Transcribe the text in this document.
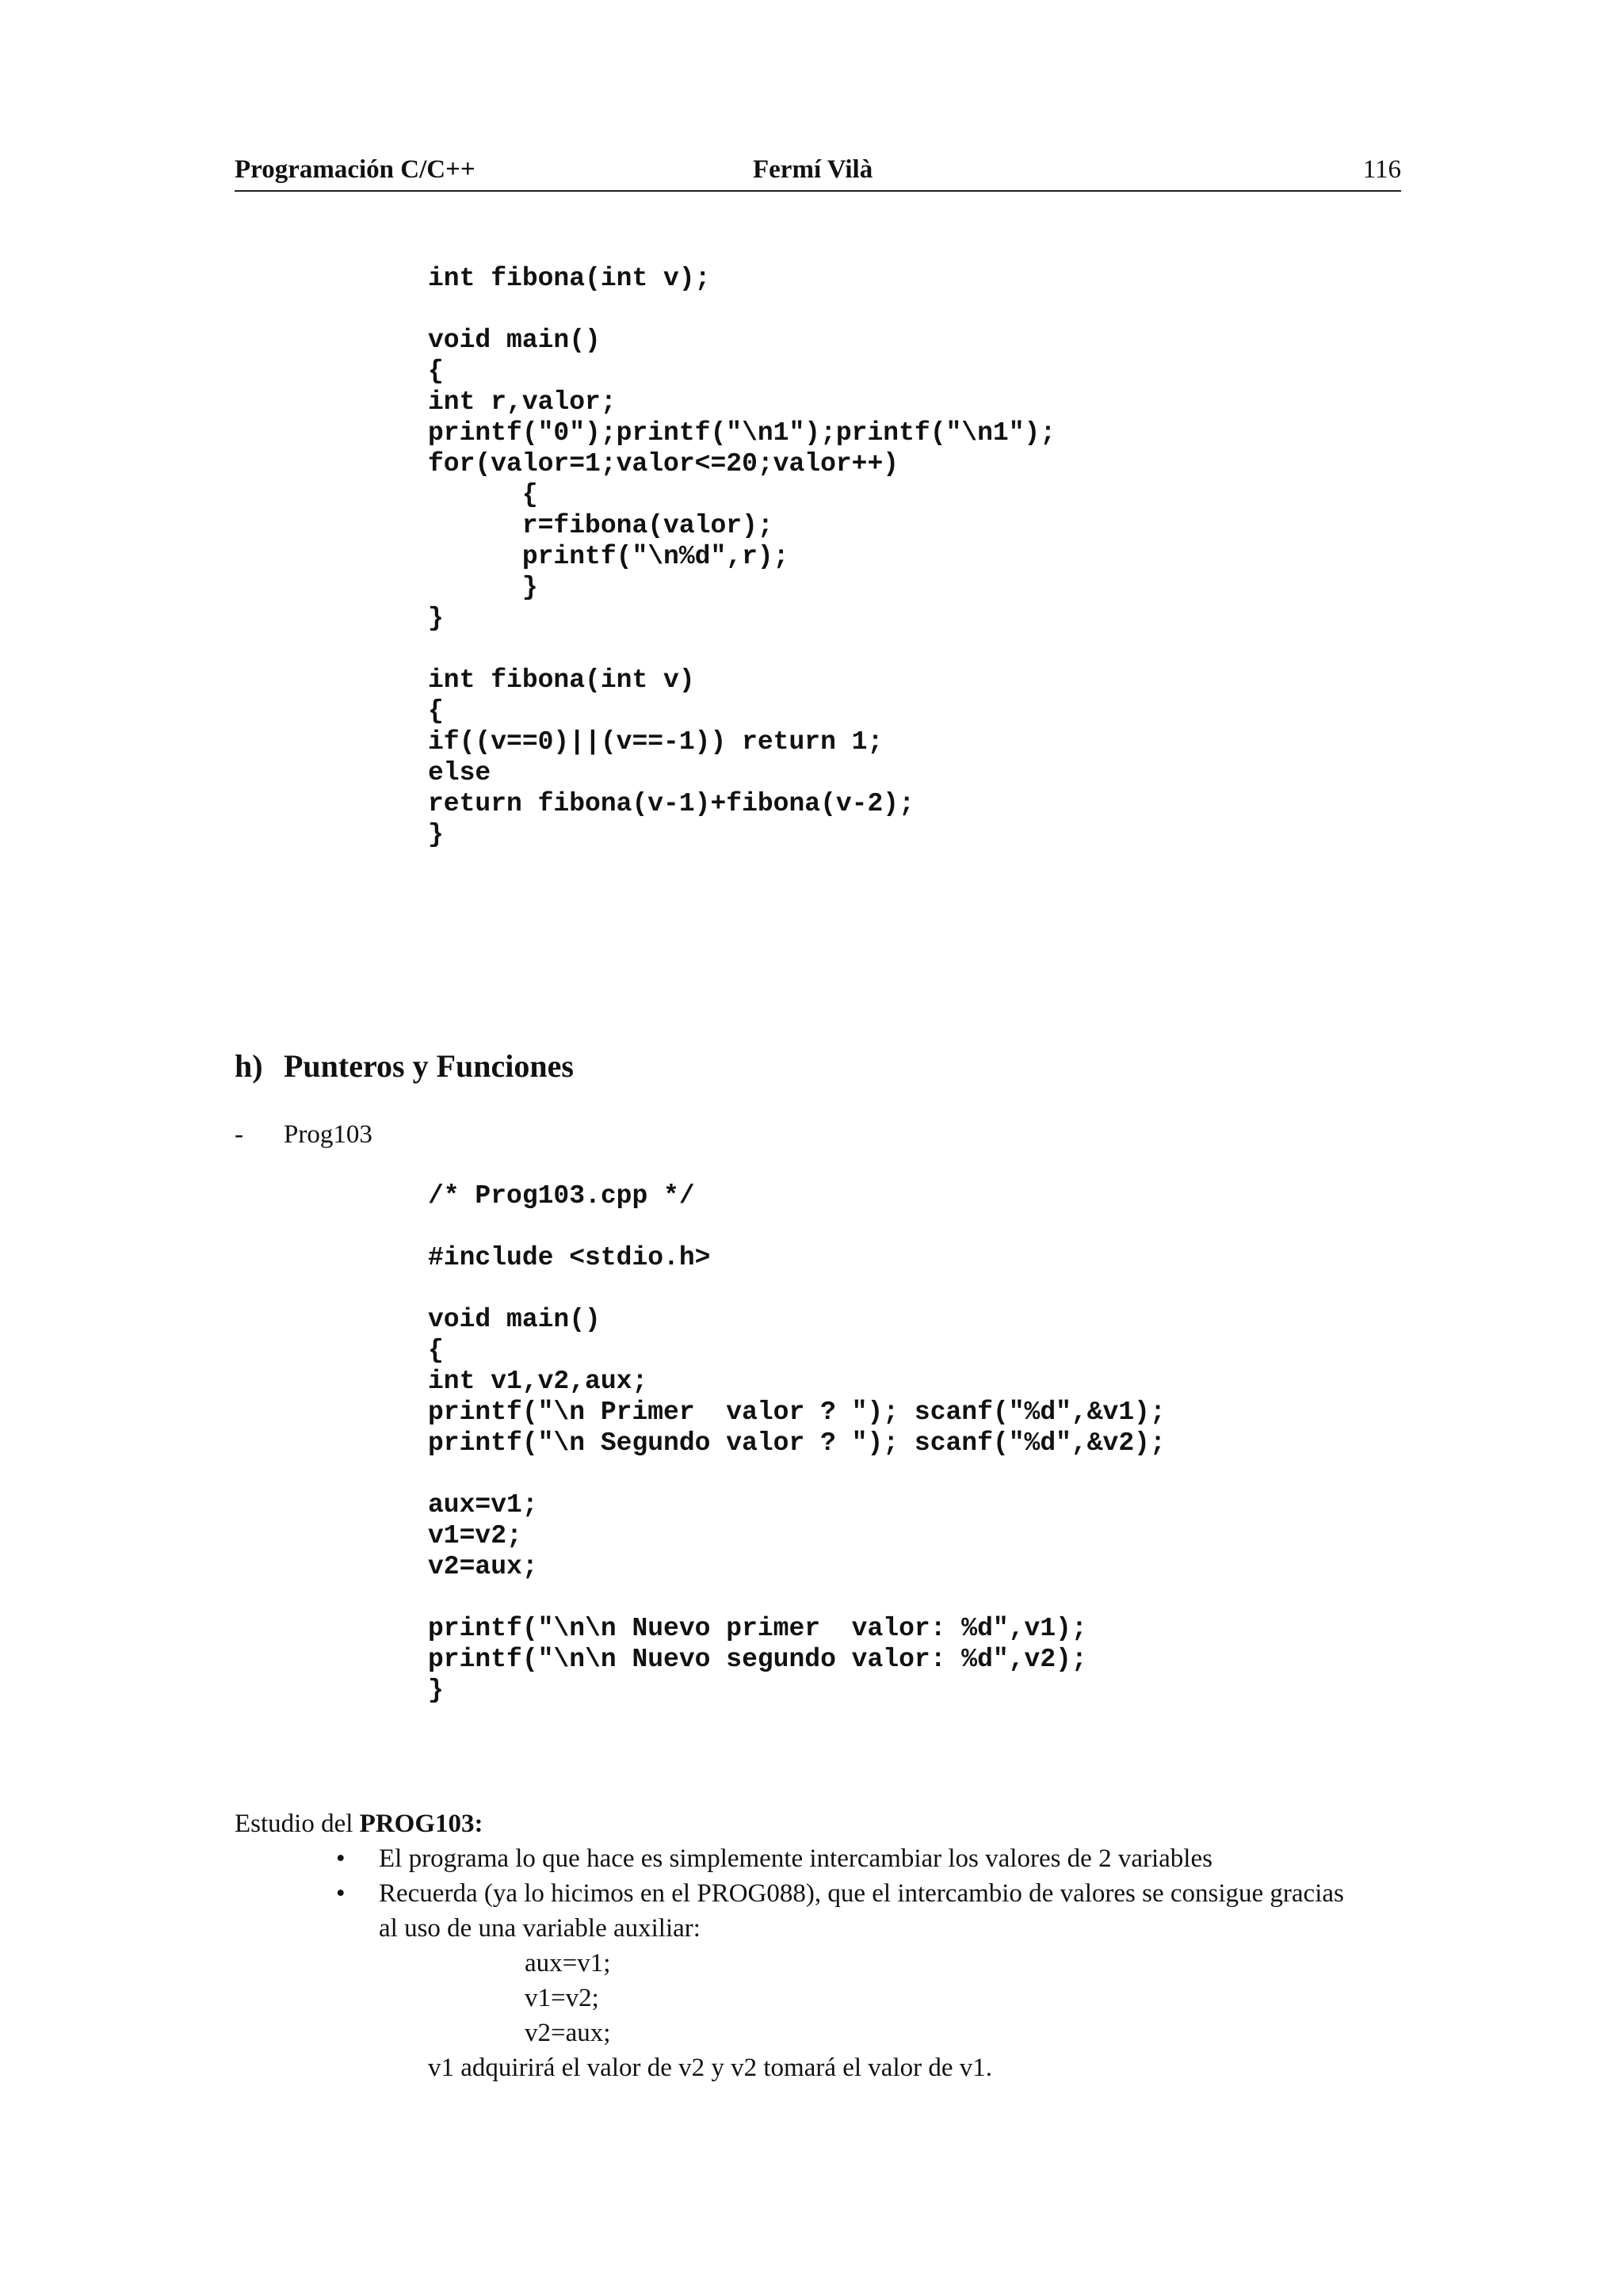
Programación C/C++	Fermí Vilà	116
int fibona(int v);
void main()
{
int r,valor;
printf("0");printf("\n1");printf("\n1");
for(valor=1;valor<=20;valor++)
{
r=fibona(valor);
printf("\n%d",r);
}
}
int fibona(int v)
{
if((v==0)||(v==-1)) return 1;
else
return fibona(v-1)+fibona(v-2);
}
h) Punteros y Funciones
- Prog103
/* Prog103.cpp */
#include <stdio.h>
void main()
{
int v1,v2,aux;
printf("\n Primer  valor ? "); scanf("%d",&v1);
printf("\n Segundo valor ? "); scanf("%d",&v2);
aux=v1;
v1=v2;
v2=aux;
printf("\n\n Nuevo primer  valor: %d",v1);
printf("\n\n Nuevo segundo valor: %d",v2);
}
Estudio del PROG103:
• El programa lo que hace es simplemente intercambiar los valores de 2 variables
• Recuerda (ya lo hicimos en el PROG088), que el intercambio de valores se consigue gracias
al uso de una variable auxiliar:
aux=v1;
v1=v2;
v2=aux;
v1 adquirirá el valor de v2 y v2 tomará el valor de v1.
